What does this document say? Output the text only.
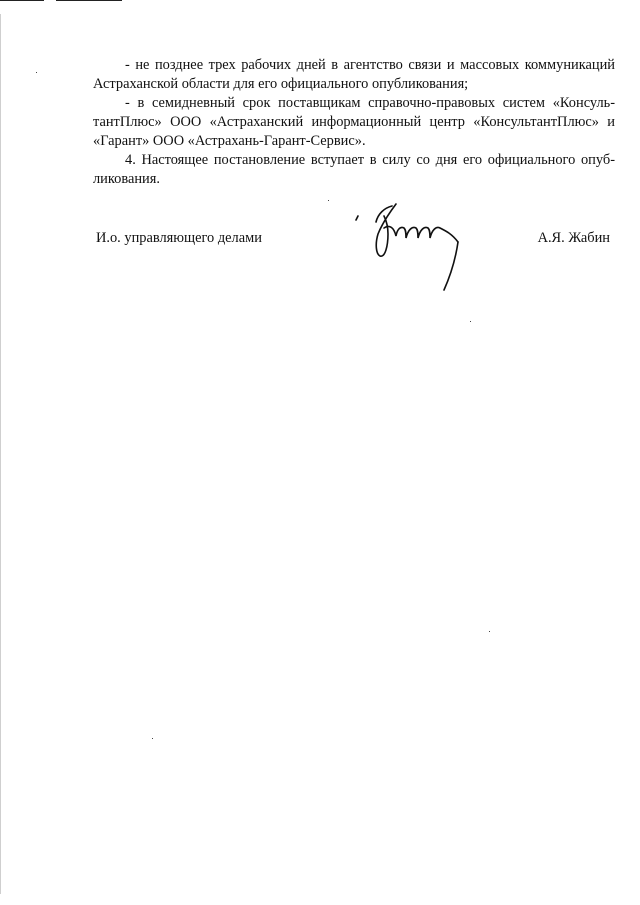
- не позднее трех рабочих дней в агентство связи и массовых коммуникаций Астраханской области для его официального опубликования;

- в семидневный срок поставщикам справочно-правовых систем «КонсультантПлюс» ООО «Астраханский информационный центр «КонсультантПлюс» и «Гарант» ООО «Астрахань-Гарант-Сервис».

4. Настоящее постановление вступает в силу со дня его официального опубликования.

И.о. управляющего делами	А.Я. Жабин
